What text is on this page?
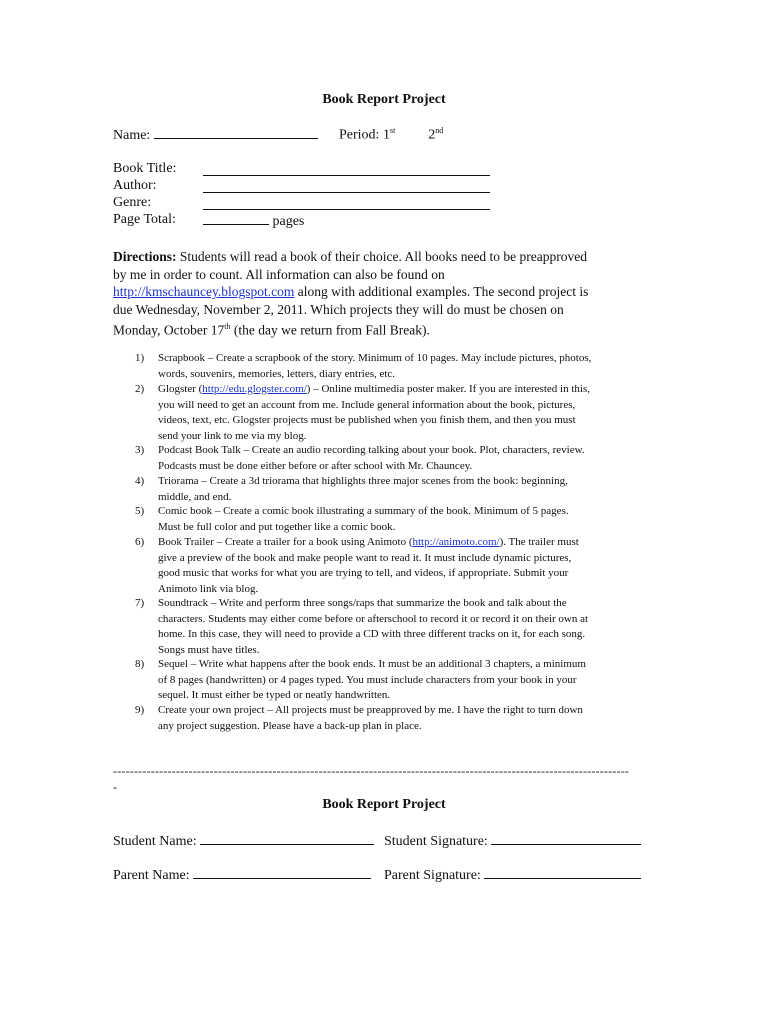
Book Report Project
Name:	Period: 1st 2nd
Book Title:
Author:
Genre:
Page Total:	pages
Directions: Students will read a book of their choice. All books need to be preapproved
by me in order to count. All information can also be found on
http://kmschauncey.blogspot.com along with additional examples. The second project is
due Wednesday, November 2, 2011. Which projects they will do must be chosen on
Monday, October 17th (the day we return from Fall Break).
1) Scrapbook – Create a scrapbook of the story. Minimum of 10 pages. May include pictures, photos,
words, souvenirs, memories, letters, diary entries, etc.
2) Glogster (http://edu.glogster.com/) – Online multimedia poster maker. If you are interested in this,
you will need to get an account from me. Include general information about the book, pictures,
videos, text, etc. Glogster projects must be published when you finish them, and then you must
send your link to me via my blog.
3) Podcast Book Talk – Create an audio recording talking about your book. Plot, characters, review.
Podcasts must be done either before or after school with Mr. Chauncey.
4) Triorama – Create a 3d triorama that highlights three major scenes from the book: beginning,
middle, and end.
5) Comic book – Create a comic book illustrating a summary of the book. Minimum of 5 pages.
Must be full color and put together like a comic book.
6) Book Trailer – Create a trailer for a book using Animoto (http://animoto.com/). The trailer must
give a preview of the book and make people want to read it. It must include dynamic pictures,
good music that works for what you are trying to tell, and videos, if appropriate. Submit your
Animoto link via blog.
7) Soundtrack – Write and perform three songs/raps that summarize the book and talk about the
characters. Students may either come before or afterschool to record it or record it on their own at
home. In this case, they will need to provide a CD with three different tracks on it, for each song.
Songs must have titles.
8) Sequel – Write what happens after the book ends. It must be an additional 3 chapters, a minimum
of 8 pages (handwritten) or 4 pages typed. You must include characters from your book in your
sequel. It must either be typed or neatly handwritten.
9) Create your own project – All projects must be preapproved by me. I have the right to turn down
any project suggestion. Please have a back-up plan in place.
---------------------------------------------------------------------------------------------------------------------------
-
Book Report Project
Student Name:	Student Signature:
Parent Name:	Parent Signature:
